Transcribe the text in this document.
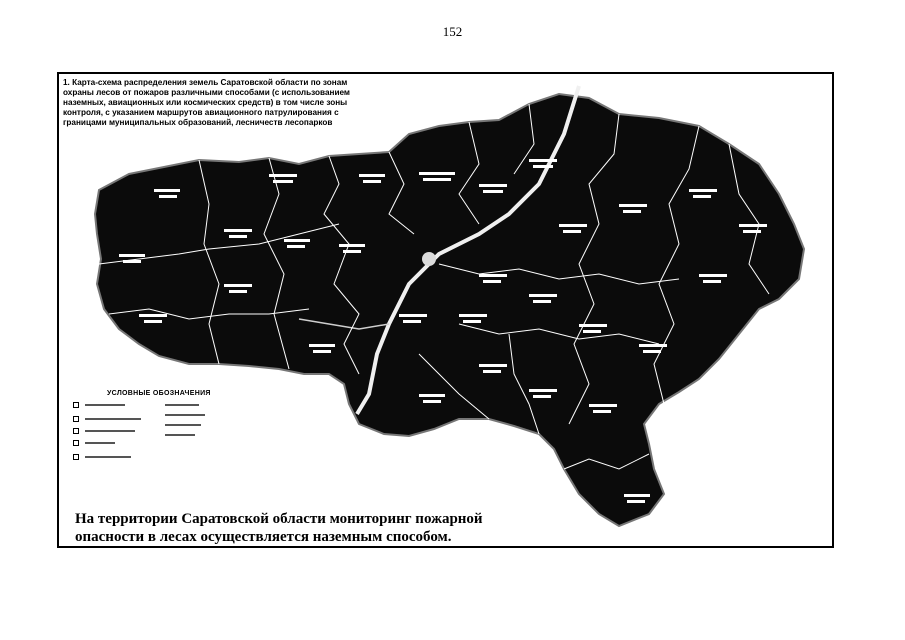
152
1. Карта-схема распределения земель Саратовской области по зонам
охраны лесов от пожаров различными способами (с использованием
наземных, авиационных или космических средств) в том числе зоны
контроля, с указанием маршрутов авиационного патрулирования с
границами муниципальных образований, лесничеств лесопарков
УСЛОВНЫЕ ОБОЗНАЧЕНИЯ
На территории Саратовской области мониторинг пожарной
опасности в лесах осуществляется наземным способом.
